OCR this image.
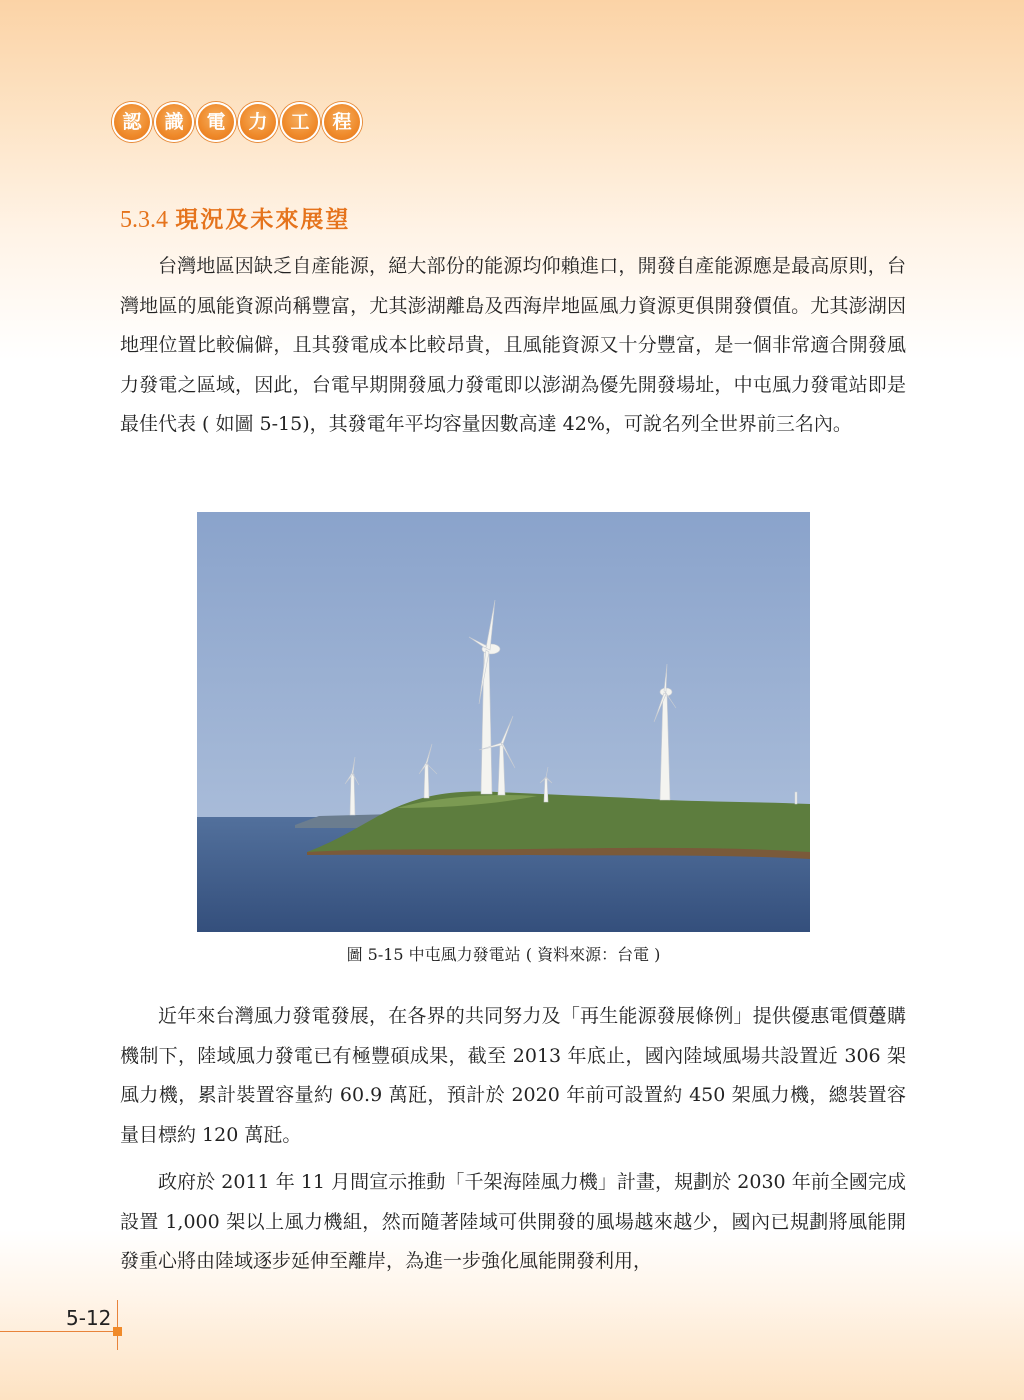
認	識	電	力	工	程
5.3.4 現況及未來展望

台灣地區因缺乏自產能源，絕大部份的能源均仰賴進口，開發自產能源應是最高原則，台灣地區的風能資源尚稱豐富，尤其澎湖離島及西海岸地區風力資源更俱開發價值。尤其澎湖因地理位置比較偏僻，且其發電成本比較昂貴，且風能資源又十分豐富，是一個非常適合開發風力發電之區域，因此，台電早期開發風力發電即以澎湖為優先開發場址，中屯風力發電站即是最佳代表 ( 如圖 5-15)，其發電年平均容量因數高達 42%，可說名列全世界前三名內。

圖 5-15 中屯風力發電站 ( 資料來源：台電 )

近年來台灣風力發電發展，在各界的共同努力及「再生能源發展條例」提供優惠電價躉購機制下，陸域風力發電已有極豐碩成果，截至 2013 年底止，國內陸域風場共設置近 306 架風力機，累計裝置容量約 60.9 萬瓩，預計於 2020 年前可設置約 450 架風力機，總裝置容量目標約 120 萬瓩。

政府於 2011 年 11 月間宣示推動「千架海陸風力機」計畫，規劃於 2030 年前全國完成設置 1,000 架以上風力機組，然而隨著陸域可供開發的風場越來越少，國內已規劃將風能開發重心將由陸域逐步延伸至離岸，為進一步強化風能開發利用，

5-12
